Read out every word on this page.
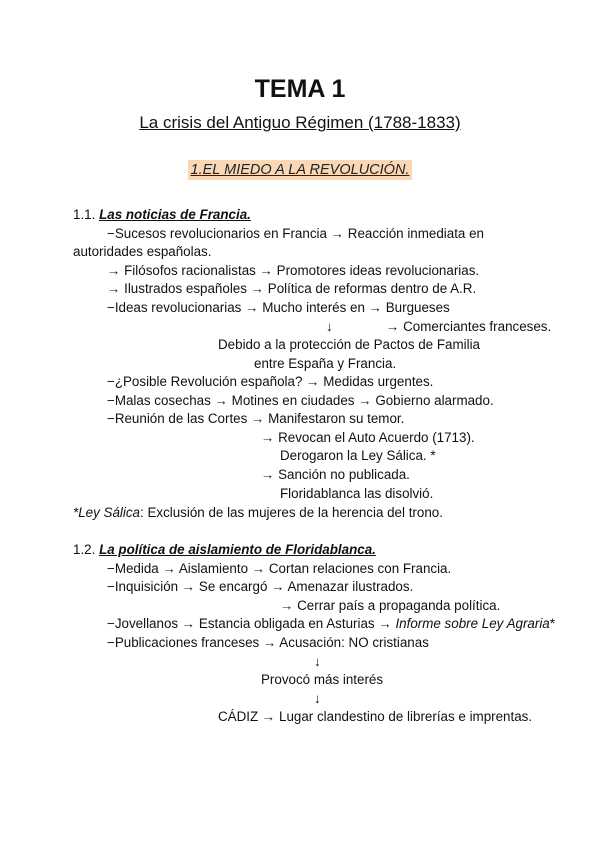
TEMA 1
La crisis del Antiguo Régimen (1788-1833)
1.EL MIEDO A LA REVOLUCIÓN.
1.1. Las noticias de Francia.
−Sucesos revolucionarios en Francia → Reacción inmediata en
autoridades españolas.
→ Filósofos racionalistas → Promotores ideas revolucionarias.
→ Ilustrados españoles → Política de reformas dentro de A.R.
−Ideas revolucionarias → Mucho interés en → Burgueses
↓	→ Comerciantes franceses.
Debido a la protección de Pactos de Familia
entre España y Francia.
−¿Posible Revolución española? → Medidas urgentes.
−Malas cosechas → Motines en ciudades → Gobierno alarmado.
−Reunión de las Cortes → Manifestaron su temor.
→ Revocan el Auto Acuerdo (1713).
Derogaron la Ley Sálica. *
→ Sanción no publicada.
Floridablanca las disolvió.
*Ley Sálica: Exclusión de las mujeres de la herencia del trono.
1.2. La política de aislamiento de Floridablanca.
−Medida → Aislamiento → Cortan relaciones con Francia.
−Inquisición → Se encargó → Amenazar ilustrados.
→ Cerrar país a propaganda política.
−Jovellanos → Estancia obligada en Asturias → Informe sobre Ley Agraria*
−Publicaciones franceses → Acusación: NO cristianas
↓
Provocó más interés
↓
CÁDIZ → Lugar clandestino de librerías e imprentas.
